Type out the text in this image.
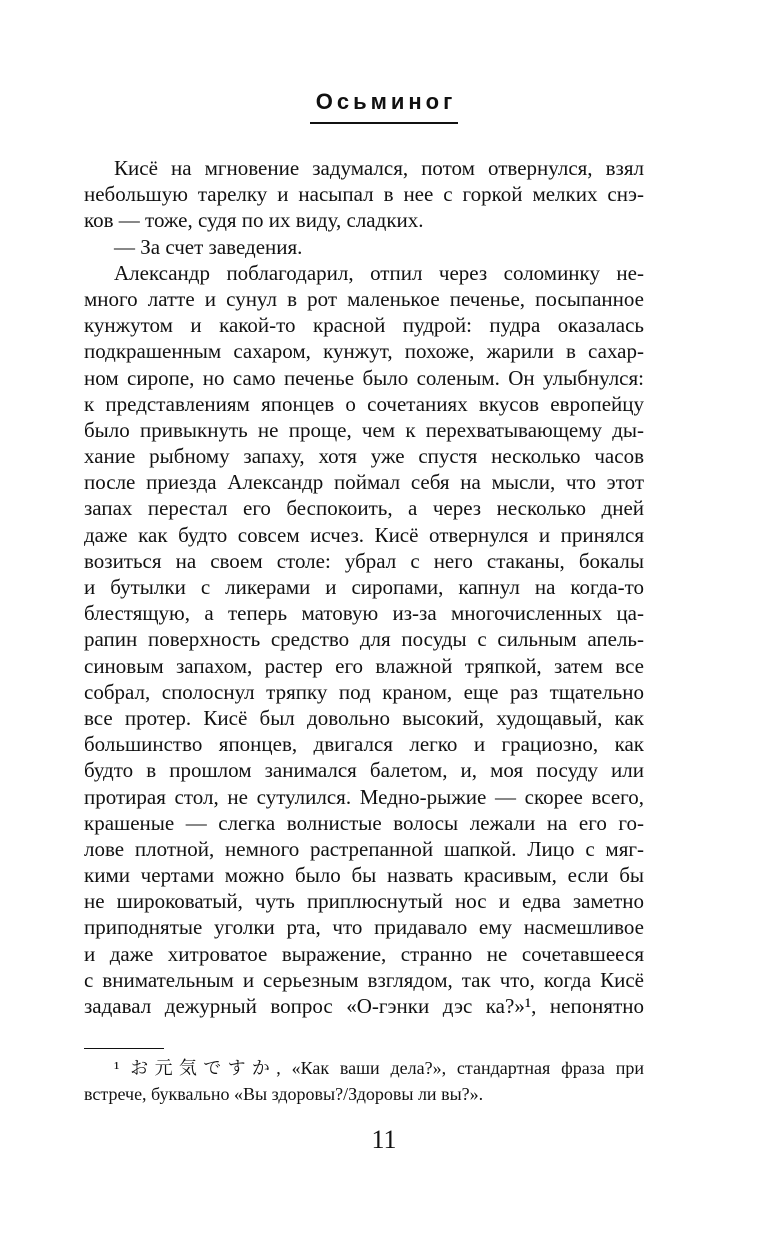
Осьминог
Кисё на мгновение задумался, потом отвернулся, взял
небольшую тарелку и насыпал в нее с горкой мелких снэ-
ков — тоже, судя по их виду, сладких.
— За счет заведения.
Александр поблагодарил, отпил через соломинку не-
много латте и сунул в рот маленькое печенье, посыпанное
кунжутом и какой-то красной пудрой: пудра оказалась
подкрашенным сахаром, кунжут, похоже, жарили в сахар-
ном сиропе, но само печенье было соленым. Он улыбнулся:
к представлениям японцев о сочетаниях вкусов европейцу
было привыкнуть не проще, чем к перехватывающему ды-
хание рыбному запаху, хотя уже спустя несколько часов
после приезда Александр поймал себя на мысли, что этот
запах перестал его беспокоить, а через несколько дней
даже как будто совсем исчез. Кисё отвернулся и принялся
возиться на своем столе: убрал с него стаканы, бокалы
и бутылки с ликерами и сиропами, капнул на когда-то
блестящую, а теперь матовую из-за многочисленных ца-
рапин поверхность средство для посуды с сильным апель-
синовым запахом, растер его влажной тряпкой, затем все
собрал, сполоснул тряпку под краном, еще раз тщательно
все протер. Кисё был довольно высокий, худощавый, как
большинство японцев, двигался легко и грациозно, как
будто в прошлом занимался балетом, и, моя посуду или
протирая стол, не сутулился. Медно-рыжие — скорее всего,
крашеные — слегка волнистые волосы лежали на его го-
лове плотной, немного растрепанной шапкой. Лицо с мяг-
кими чертами можно было бы назвать красивым, если бы
не широковатый, чуть приплюснутый нос и едва заметно
приподнятые уголки рта, что придавало ему насмешливое
и даже хитроватое выражение, странно не сочетавшееся
с внимательным и серьезным взглядом, так что, когда Кисё
задавал дежурный вопрос «О-гэнки дэс ка?»¹, непонятно
¹ お元気ですか, «Как ваши дела?», стандартная фраза при
встрече, буквально «Вы здоровы?/Здоровы ли вы?».
11
